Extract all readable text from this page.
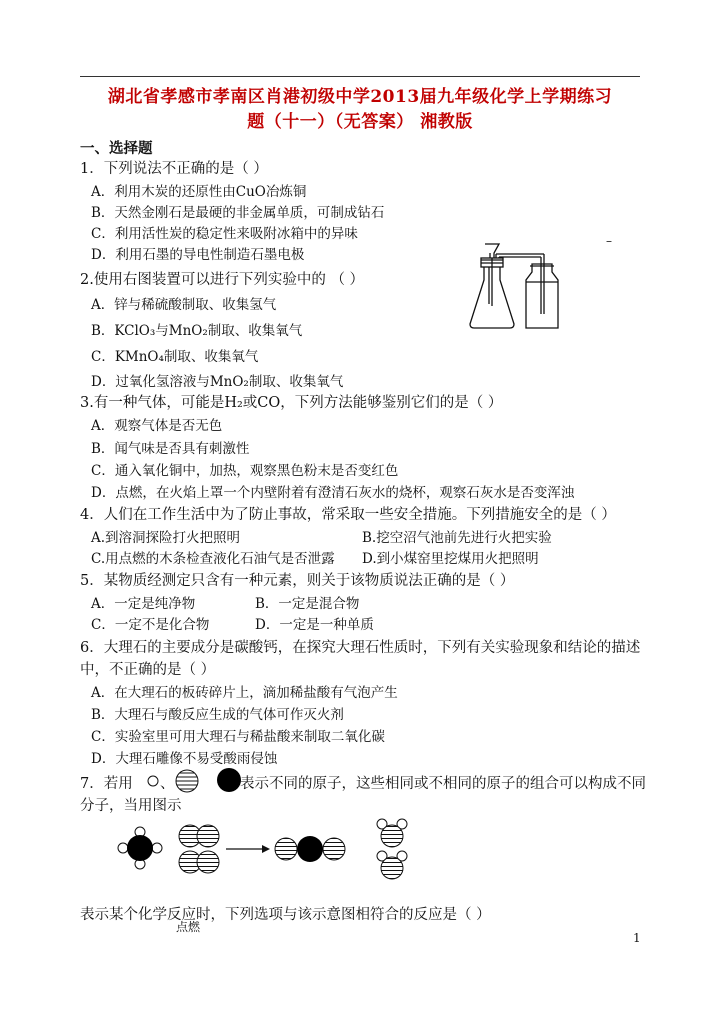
湖北省孝感市孝南区肖港初级中学2013届九年级化学上学期练习
题（十一）（无答案） 湘教版
一、选择题
1．下列说法不正确的是（ ）
A．利用木炭的还原性由CuO冶炼铜
B．天然金刚石是最硬的非金属单质，可制成钻石
C．利用活性炭的稳定性来吸附冰箱中的异味
D．利用石墨的导电性制造石墨电极
–
2.使用右图装置可以进行下列实验中的 （ ）
A．锌与稀硫酸制取、收集氢气
B．KClO₃与MnO₂制取、收集氧气
C．KMnO₄制取、收集氧气
D．过氧化氢溶液与MnO₂制取、收集氧气
3.有一种气体，可能是H₂或CO，下列方法能够鉴别它们的是（ ）
A．观察气体是否无色
B．闻气味是否具有刺激性
C．通入氧化铜中，加热，观察黑色粉末是否变红色
D．点燃，在火焰上罩一个内壁附着有澄清石灰水的烧杯，观察石灰水是否变浑浊
4．人们在工作生活中为了防止事故，常采取一些安全措施。下列措施安全的是（ ）
A.到溶洞探险打火把照明	B.挖空沼气池前先进行火把实验
C.用点燃的木条检查液化石油气是否泄露 D.到小煤窑里挖煤用火把照明
5．某物质经测定只含有一种元素，则关于该物质说法正确的是（ ）
A．一定是纯净物	B．一定是混合物
C．一定不是化合物	D．一定是一种单质
6．大理石的主要成分是碳酸钙，在探究大理石性质时，下列有关实验现象和结论的描述
中，不正确的是（ ）
A．在大理石的板砖碎片上，滴加稀盐酸有气泡产生
B．大理石与酸反应生成的气体可作灭火剂
C．实验室里可用大理石与稀盐酸来制取二氧化碳
D．大理石雕像不易受酸雨侵蚀
7．若用 、	表示不同的原子，这些相同或不相同的原子的组合可以构成不同
分子，当用图示
表示某个化学反应时，下列选项与该示意图相符合的反应是（ ）
点燃
1
